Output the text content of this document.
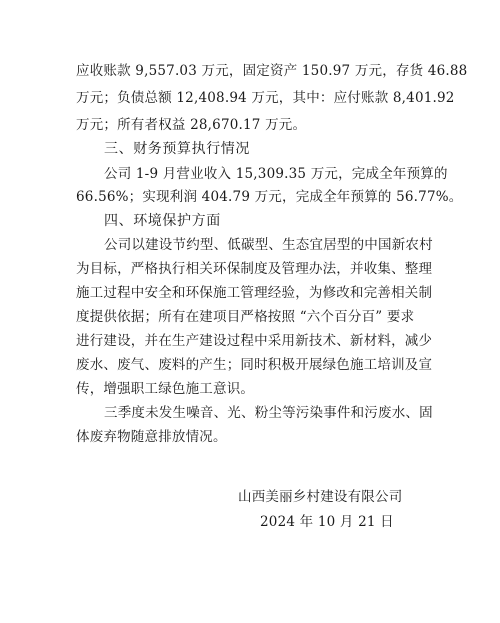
应收账款 9,557.03 万元，固定资产 150.97 万元，存货 46.88
万元；负债总额 12,408.94 万元，其中：应付账款 8,401.92
万元；所有者权益 28,670.17 万元。
三、财务预算执行情况
公司 1-9 月营业收入 15,309.35 万元，完成全年预算的
66.56%；实现利润 404.79 万元，完成全年预算的 56.77%。
四、环境保护方面
公司以建设节约型、低碳型、生态宜居型的中国新农村
为目标，严格执行相关环保制度及管理办法，并收集、整理
施工过程中安全和环保施工管理经验，为修改和完善相关制
度提供依据；所有在建项目严格按照 “六个百分百” 要求
进行建设，并在生产建设过程中采用新技术、新材料，减少
废水、废气、废料的产生；同时积极开展绿色施工培训及宣
传，增强职工绿色施工意识。
三季度未发生噪音、光、粉尘等污染事件和污废水、固
体废弃物随意排放情况。
山西美丽乡村建设有限公司
2024 年 10 月 21 日
